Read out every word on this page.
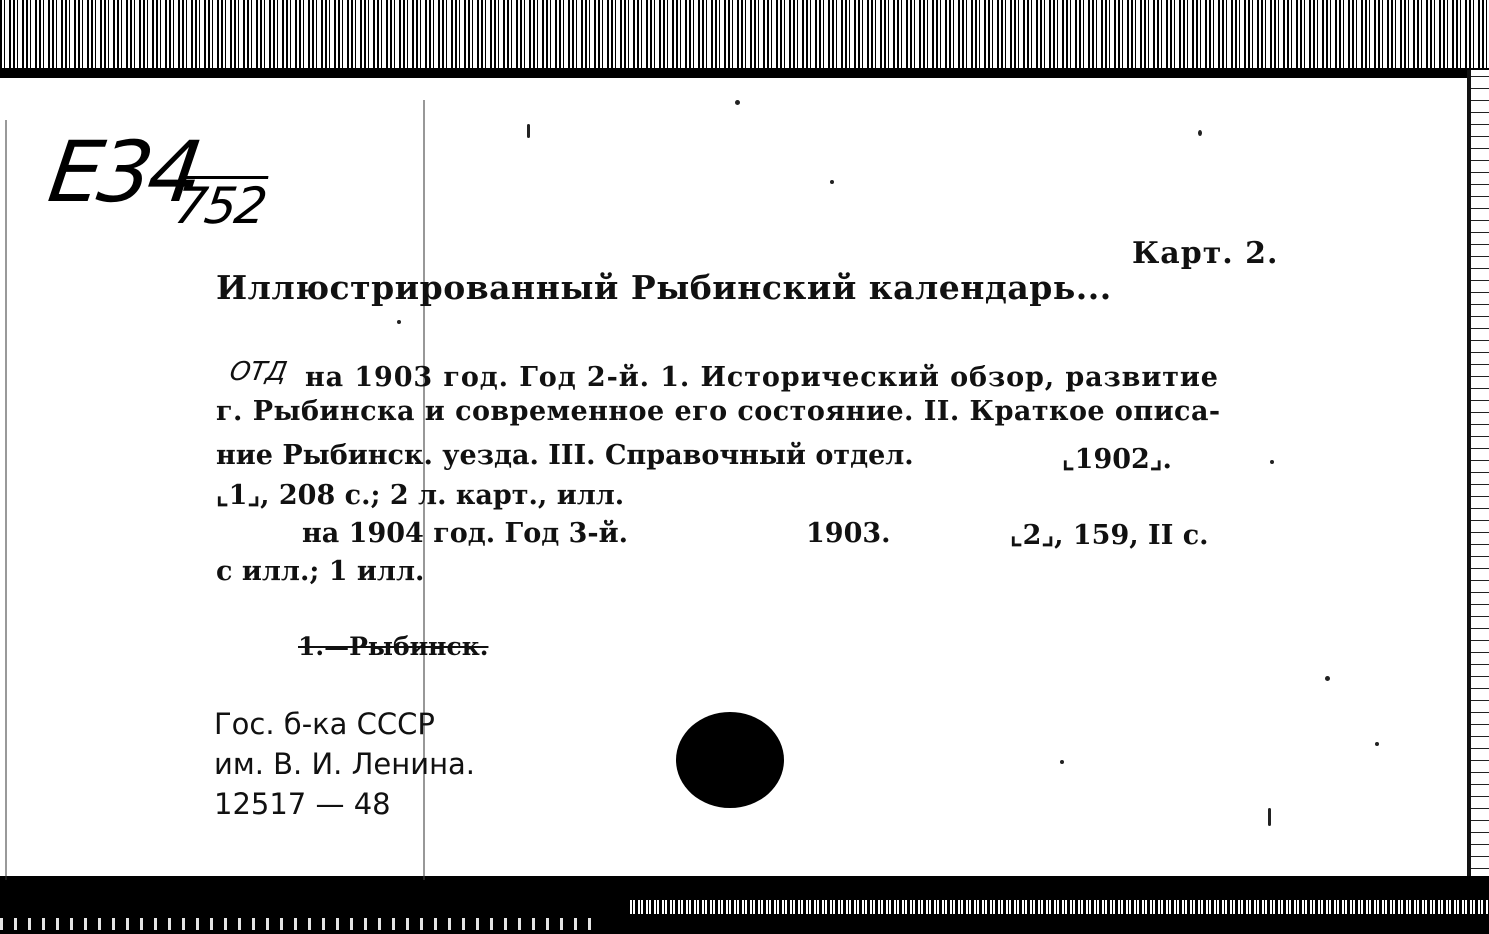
Е34
752
Карт. 2.
Иллюстрированный Рыбинский календарь...
ОТД на 1903 год. Год 2-й. 1. Исторический обзор, развитие
г. Рыбинска и современное его состояние. II. Краткое описа-
ние Рыбинск. уезда. III. Справочный отдел.	⌞1902⌟.
⌞1⌟, 208 с.; 2 л. карт., илл.
на 1904 год. Год 3-й.	1903.	⌞2⌟, 159, II с.
с илл.; 1 илл.
1.—Рыбинск.
Гос. б-ка СССР
им. В. И. Ленина.
12517 — 48
